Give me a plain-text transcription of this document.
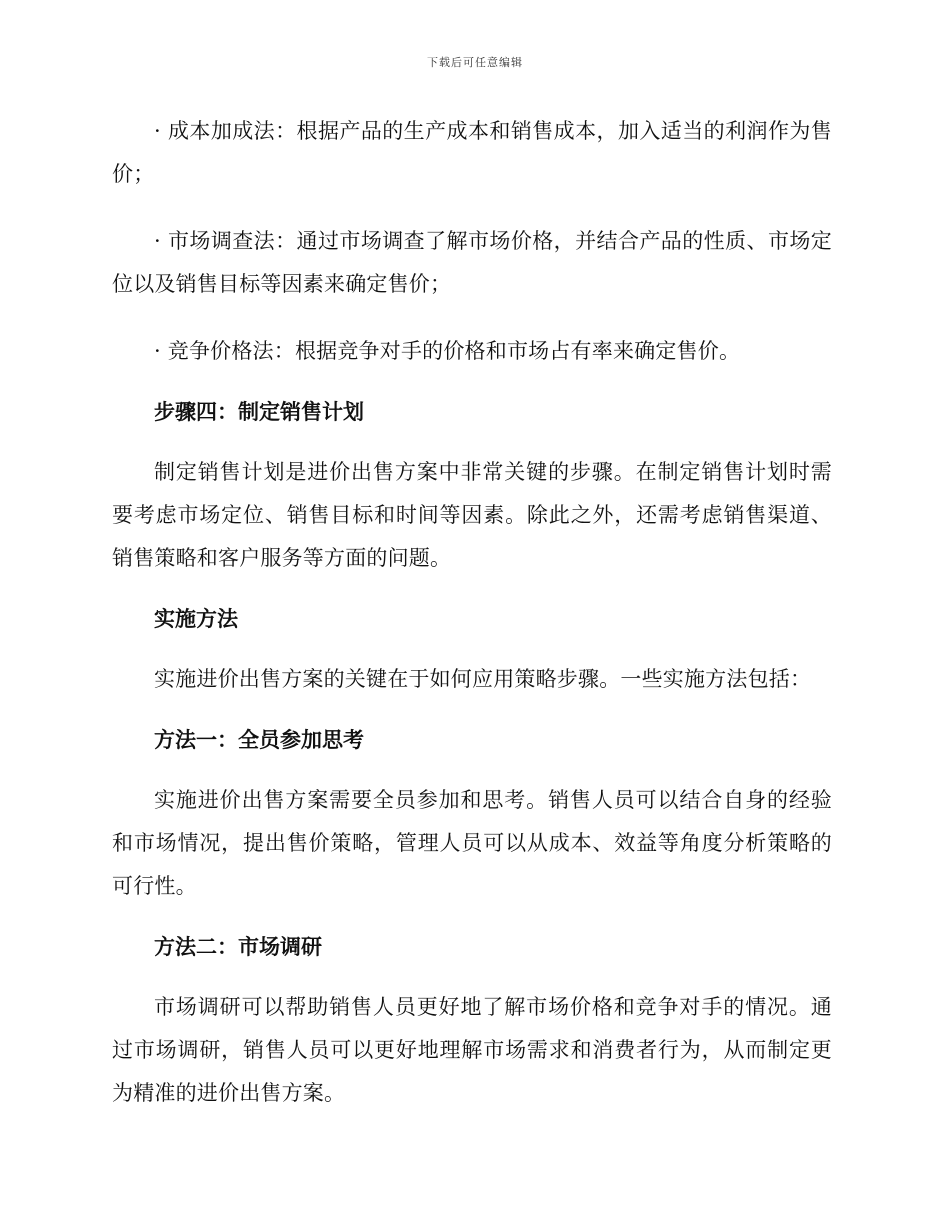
下载后可任意编辑

· 成本加成法：根据产品的生产成本和销售成本，加入适当的利润作为售价；

· 市场调查法：通过市场调查了解市场价格，并结合产品的性质、市场定位以及销售目标等因素来确定售价；

· 竞争价格法：根据竞争对手的价格和市场占有率来确定售价。

步骤四：制定销售计划

制定销售计划是进价出售方案中非常关键的步骤。在制定销售计划时需要考虑市场定位、销售目标和时间等因素。除此之外，还需考虑销售渠道、销售策略和客户服务等方面的问题。

实施方法

实施进价出售方案的关键在于如何应用策略步骤。一些实施方法包括：

方法一：全员参加思考

实施进价出售方案需要全员参加和思考。销售人员可以结合自身的经验和市场情况，提出售价策略，管理人员可以从成本、效益等角度分析策略的可行性。

方法二：市场调研

市场调研可以帮助销售人员更好地了解市场价格和竞争对手的情况。通过市场调研，销售人员可以更好地理解市场需求和消费者行为，从而制定更为精准的进价出售方案。
